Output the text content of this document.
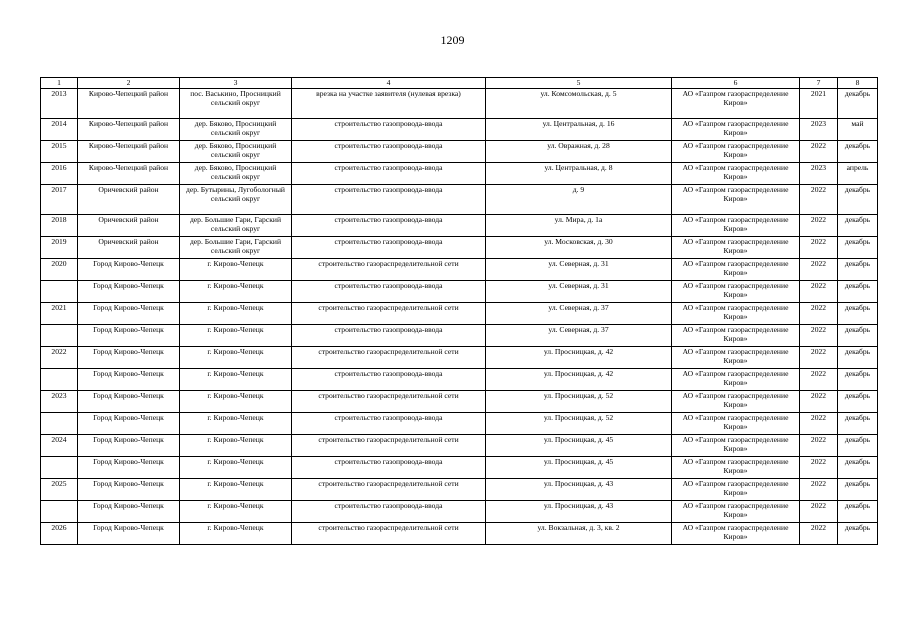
1209
1	2	3	4	5	6	7	8
2013	Кирово-Чепецкий район	пос. Васькино, Просницкий сельский округ	врезка на участке заявителя (нулевая врезка)	ул. Комсомольская, д. 5	АО «Газпром газораспределение Киров»	2021	декабрь
2014	Кирово-Чепецкий район	дер. Бяково, Просницкий сельский округ	строительство газопровода-ввода	ул. Центральная, д. 16	АО «Газпром газораспределение Киров»	2023	май
2015	Кирово-Чепецкий район	дер. Бяково, Просницкий сельский округ	строительство газопровода-ввода	ул. Овражная, д. 28	АО «Газпром газораспределение Киров»	2022	декабрь
2016	Кирово-Чепецкий район	дер. Бяково, Просницкий сельский округ	строительство газопровода-ввода	ул. Центральная, д. 8	АО «Газпром газораспределение Киров»	2023	апрель
2017	Оричевский район	дер. Бутырины, Лугобологный сельский округ	строительство газопровода-ввода	д. 9	АО «Газпром газораспределение Киров»	2022	декабрь
2018	Оричевский район	дер. Большие Гари, Гарский сельский округ	строительство газопровода-ввода	ул. Мира, д. 1а	АО «Газпром газораспределение Киров»	2022	декабрь
2019	Оричевский район	дер. Большие Гари, Гарский сельский округ	строительство газопровода-ввода	ул. Московская, д. 30	АО «Газпром газораспределение Киров»	2022	декабрь
2020	Город Кирово-Чепецк	г. Кирово-Чепецк	строительство газораспределительной сети	ул. Северная, д. 31	АО «Газпром газораспределение Киров»	2022	декабрь
	Город Кирово-Чепецк	г. Кирово-Чепецк	строительство газопровода-ввода	ул. Северная, д. 31	АО «Газпром газораспределение Киров»	2022	декабрь
2021	Город Кирово-Чепецк	г. Кирово-Чепецк	строительство газораспределительной сети	ул. Северная, д. 37	АО «Газпром газораспределение Киров»	2022	декабрь
	Город Кирово-Чепецк	г. Кирово-Чепецк	строительство газопровода-ввода	ул. Северная, д. 37	АО «Газпром газораспределение Киров»	2022	декабрь
2022	Город Кирово-Чепецк	г. Кирово-Чепецк	строительство газораспределительной сети	ул. Просницкая, д. 42	АО «Газпром газораспределение Киров»	2022	декабрь
	Город Кирово-Чепецк	г. Кирово-Чепецк	строительство газопровода-ввода	ул. Просницкая, д. 42	АО «Газпром газораспределение Киров»	2022	декабрь
2023	Город Кирово-Чепецк	г. Кирово-Чепецк	строительство газораспределительной сети	ул. Просницкая, д. 52	АО «Газпром газораспределение Киров»	2022	декабрь
	Город Кирово-Чепецк	г. Кирово-Чепецк	строительство газопровода-ввода	ул. Просницкая, д. 52	АО «Газпром газораспределение Киров»	2022	декабрь
2024	Город Кирово-Чепецк	г. Кирово-Чепецк	строительство газораспределительной сети	ул. Просницкая, д. 45	АО «Газпром газораспределение Киров»	2022	декабрь
	Город Кирово-Чепецк	г. Кирово-Чепецк	строительство газопровода-ввода	ул. Просницкая, д. 45	АО «Газпром газораспределение Киров»	2022	декабрь
2025	Город Кирово-Чепецк	г. Кирово-Чепецк	строительство газораспределительной сети	ул. Просницкая, д. 43	АО «Газпром газораспределение Киров»	2022	декабрь
	Город Кирово-Чепецк	г. Кирово-Чепецк	строительство газопровода-ввода	ул. Просницкая, д. 43	АО «Газпром газораспределение Киров»	2022	декабрь
2026	Город Кирово-Чепецк	г. Кирово-Чепецк	строительство газораспределительной сети	ул. Вокзальная, д. 3, кв. 2	АО «Газпром газораспределение Киров»	2022	декабрь
